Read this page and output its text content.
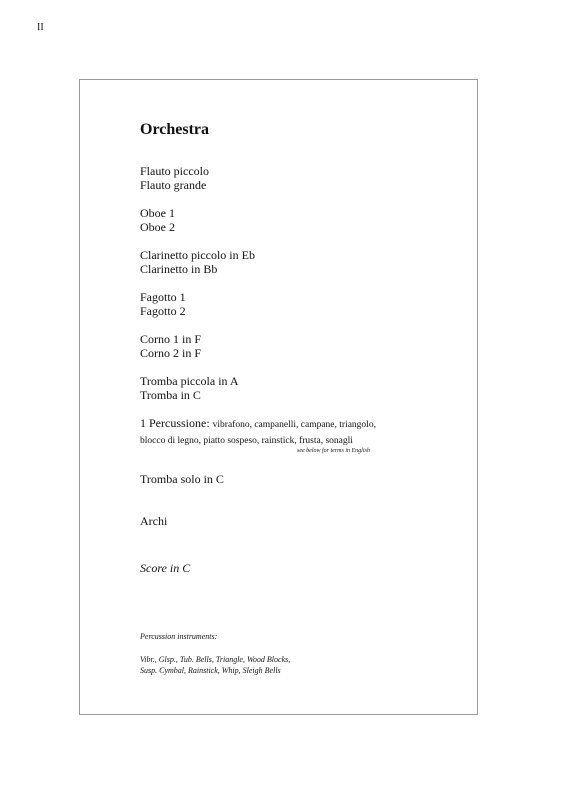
II
Orchestra
Flauto piccolo
Flauto grande
Oboe 1
Oboe 2
Clarinetto piccolo in Eb
Clarinetto in Bb
Fagotto 1
Fagotto 2
Corno 1 in F
Corno 2 in F
Tromba piccola in A
Tromba in C
1 Percussione: vibrafono, campanelli, campane, triangolo,
blocco di legno, piatto sospeso, rainstick, frusta, sonagli
see below for terms in English
Tromba solo in C
Archi
Score in C
Percussion instruments:
Vibr., Glsp., Tub. Bells, Triangle, Wood Blocks,
Susp. Cymbal, Rainstick, Whip, Sleigh Bells
